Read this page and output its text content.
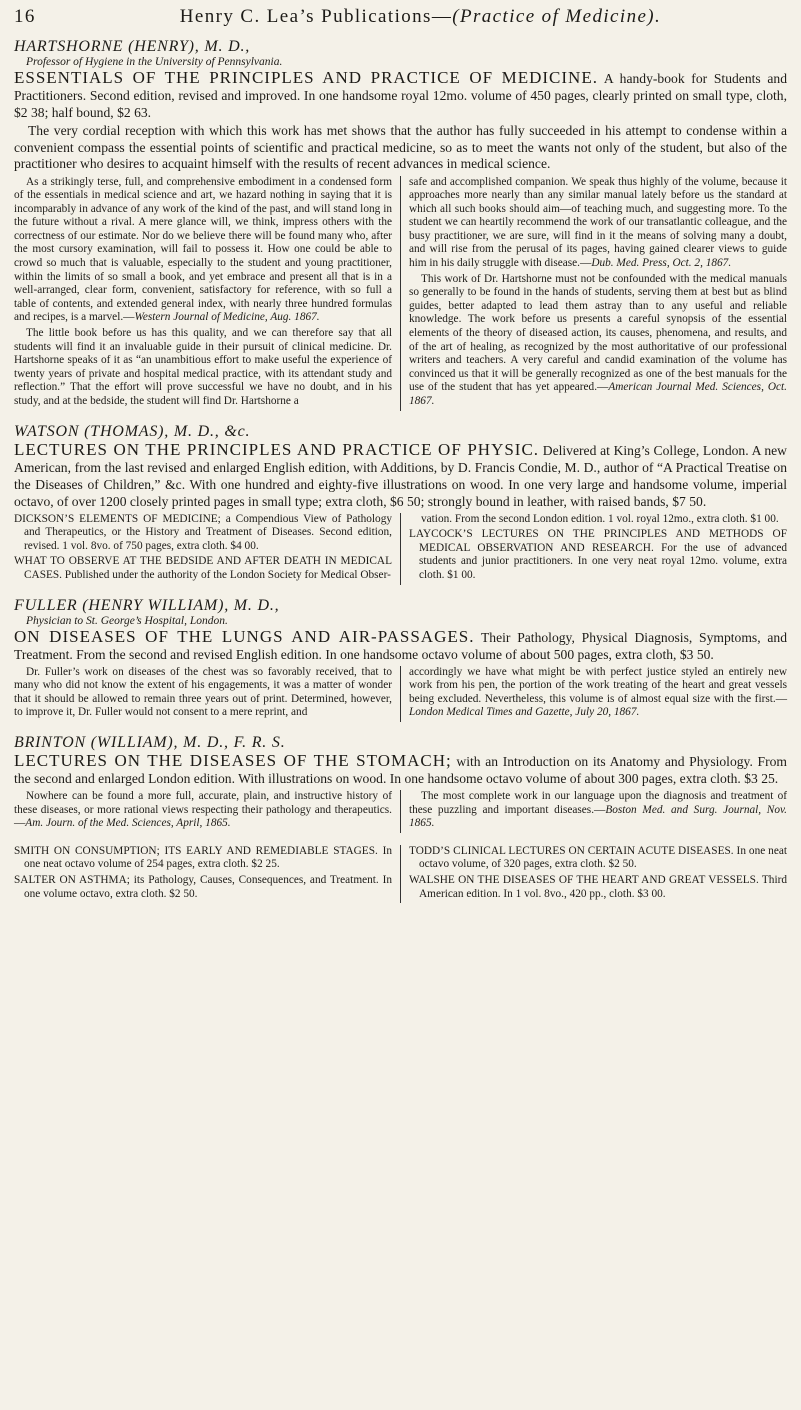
16	Henry C. Lea’s Publications—(Practice of Medicine).
HARTSHORNE (HENRY), M. D.,
Professor of Hygiene in the University of Pennsylvania.
ESSENTIALS OF THE PRINCIPLES AND PRACTICE OF MEDICINE. A handy-book for Students and Practitioners. Second edition, revised and improved. In one handsome royal 12mo. volume of 450 pages, clearly printed on small type, cloth, $2 38; half bound, $2 63.
The very cordial reception with which this work has met shows that the author has fully succeeded in his attempt to condense within a convenient compass the essential points of scientific and practical medicine, so as to meet the wants not only of the student, but also of the practitioner who desires to acquaint himself with the results of recent advances in medical science.

As a strikingly terse, full, and comprehensive embodiment in a condensed form of the essentials in medical science and art, we hazard nothing in saying that it is incomparably in advance of any work of the kind of the past, and will stand long in the future without a rival. A mere glance will, we think, impress others with the correctness of our estimate. Nor do we believe there will be found many who, after the most cursory examination, will fail to possess it. How one could be able to crowd so much that is valuable, especially to the student and young practitioner, within the limits of so small a book, and yet embrace and present all that is in a well-arranged, clear form, convenient, satisfactory for reference, with so full a table of contents, and extended general index, with nearly three hundred formulas and recipes, is a marvel.—Western Journal of Medicine, Aug. 1867.

The little book before us has this quality, and we can therefore say that all students will find it an invaluable guide in their pursuit of clinical medicine. Dr. Hartshorne speaks of it as “an unambitious effort to make useful the experience of twenty years of private and hospital medical practice, with its attendant study and reflection.” That the effort will prove successful we have no doubt, and in his study, and at the bedside, the student will find Dr. Hartshorne a

safe and accomplished companion. We speak thus highly of the volume, because it approaches more nearly than any similar manual lately before us the standard at which all such books should aim—of teaching much, and suggesting more. To the student we can heartily recommend the work of our transatlantic colleague, and the busy practitioner, we are sure, will find in it the means of solving many a doubt, and will rise from the perusal of its pages, having gained clearer views to guide him in his daily struggle with disease.—Dub. Med. Press, Oct. 2, 1867.

This work of Dr. Hartshorne must not be confounded with the medical manuals so generally to be found in the hands of students, serving them at best but as blind guides, better adapted to lead them astray than to any useful and reliable knowledge. The work before us presents a careful synopsis of the essential elements of the theory of diseased action, its causes, phenomena, and results, and of the art of healing, as recognized by the most authoritative of our professional writers and teachers. A very careful and candid examination of the volume has convinced us that it will be generally recognized as one of the best manuals for the use of the student that has yet appeared.—American Journal Med. Sciences, Oct. 1867.

WATSON (THOMAS), M. D., &c.
LECTURES ON THE PRINCIPLES AND PRACTICE OF PHYSIC. Delivered at King’s College, London. A new American, from the last revised and enlarged English edition, with Additions, by D. Francis Condie, M. D., author of “A Practical Treatise on the Diseases of Children,” &c. With one hundred and eighty-five illustrations on wood. In one very large and handsome volume, imperial octavo, of over 1200 closely printed pages in small type; extra cloth, $6 50; strongly bound in leather, with raised bands, $7 50.

DICKSON’S ELEMENTS OF MEDICINE; a Compendious View of Pathology and Therapeutics, or the History and Treatment of Diseases. Second edition, revised. 1 vol. 8vo. of 750 pages, extra cloth. $4 00.

WHAT TO OBSERVE AT THE BEDSIDE AND AFTER DEATH IN MEDICAL CASES. Published under the authority of the London Society for Medical Obser-

vation. From the second London edition. 1 vol. royal 12mo., extra cloth. $1 00.

LAYCOCK’S LECTURES ON THE PRINCIPLES AND METHODS OF MEDICAL OBSERVATION AND RESEARCH. For the use of advanced students and junior practitioners. In one very neat royal 12mo. volume, extra cloth. $1 00.

FULLER (HENRY WILLIAM), M. D.,
Physician to St. George’s Hospital, London.
ON DISEASES OF THE LUNGS AND AIR-PASSAGES. Their Pathology, Physical Diagnosis, Symptoms, and Treatment. From the second and revised English edition. In one handsome octavo volume of about 500 pages, extra cloth, $3 50.

Dr. Fuller’s work on diseases of the chest was so favorably received, that to many who did not know the extent of his engagements, it was a matter of wonder that it should be allowed to remain three years out of print. Determined, however, to improve it, Dr. Fuller would not consent to a mere reprint, and

accordingly we have what might be with perfect justice styled an entirely new work from his pen, the portion of the work treating of the heart and great vessels being excluded. Nevertheless, this volume is of almost equal size with the first.—London Medical Times and Gazette, July 20, 1867.

BRINTON (WILLIAM), M. D., F. R. S.
LECTURES ON THE DISEASES OF THE STOMACH; with an Introduction on its Anatomy and Physiology. From the second and enlarged London edition. With illustrations on wood. In one handsome octavo volume of about 300 pages, extra cloth. $3 25.

Nowhere can be found a more full, accurate, plain, and instructive history of these diseases, or more rational views respecting their pathology and therapeutics.—Am. Journ. of the Med. Sciences, April, 1865.

The most complete work in our language upon the diagnosis and treatment of these puzzling and important diseases.—Boston Med. and Surg. Journal, Nov. 1865.

SMITH ON CONSUMPTION; ITS EARLY AND REMEDIABLE STAGES. In one neat octavo volume of 254 pages, extra cloth. $2 25.

SALTER ON ASTHMA; its Pathology, Causes, Consequences, and Treatment. In one volume octavo, extra cloth. $2 50.

TODD’S CLINICAL LECTURES ON CERTAIN ACUTE DISEASES. In one neat octavo volume, of 320 pages, extra cloth. $2 50.

WALSHE ON THE DISEASES OF THE HEART AND GREAT VESSELS. Third American edition. In 1 vol. 8vo., 420 pp., cloth. $3 00.
